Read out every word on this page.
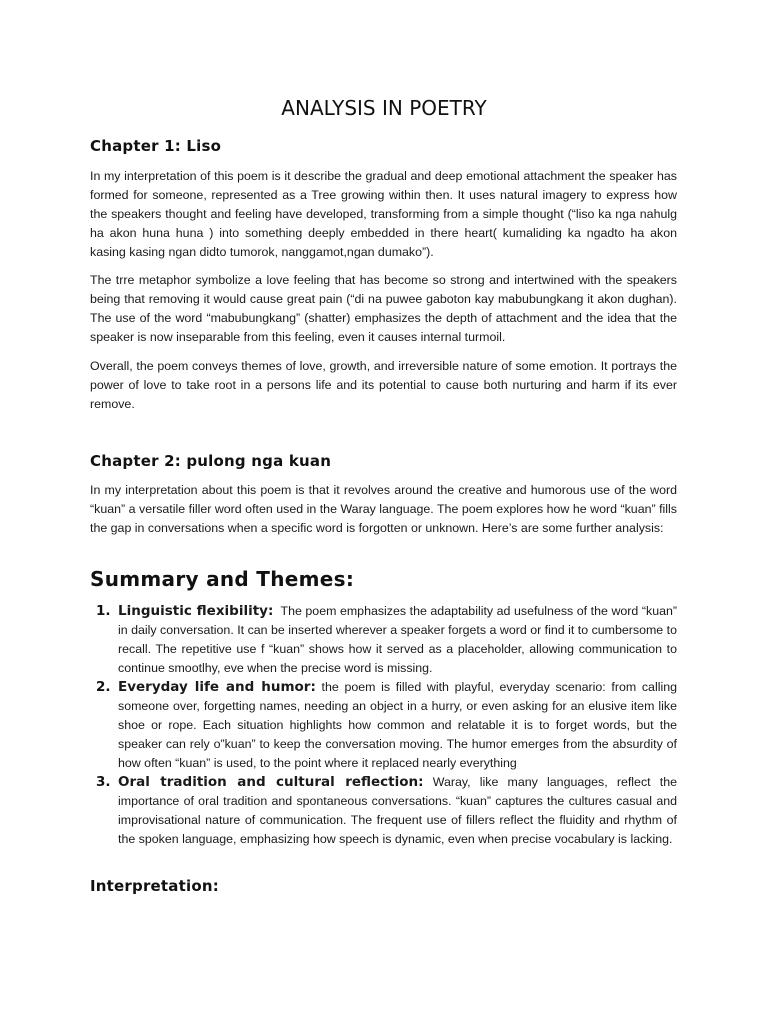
ANALYSIS IN POETRY
Chapter 1: Liso

In my interpretation of this poem is it describe the gradual and deep emotional attachment the speaker has formed for someone, represented as a Tree growing within then. It uses natural imagery to express how the speakers thought and feeling have developed, transforming from a simple thought (“liso ka nga nahulg ha akon huna huna ) into something deeply embedded in there heart( kumaliding ka ngadto ha akon kasing kasing ngan didto tumorok, nanggamot,ngan dumako”).

The trre metaphor symbolize a love feeling that has become so strong and intertwined with the speakers being that removing it would cause great pain (“di na puwee gaboton kay mabubungkang it akon dughan). The use of the word “mabubungkang” (shatter) emphasizes the depth of attachment and the idea that the speaker is now inseparable from this feeling, even it causes internal turmoil.

Overall, the poem conveys themes of love, growth, and irreversible nature of some emotion. It portrays the power of love to take root in a persons life and its potential to cause both nurturing and harm if its ever remove.

Chapter 2: pulong nga kuan

In my interpretation about this poem is that it revolves around the creative and humorous use of the word “kuan” a versatile filler word often used in the Waray language. The poem explores how he word “kuan” fills the gap in conversations when a specific word is forgotten or unknown. Here’s are some further analysis:

Summary and Themes:
1. Linguistic flexibility: The poem emphasizes the adaptability ad usefulness of the word “kuan” in daily conversation. It can be inserted wherever a speaker forgets a word or find it to cumbersome to recall. The repetitive use f “kuan” shows how it served as a placeholder, allowing communication to continue smootlhy, eve when the precise word is missing.

2. Everyday life and humor: the poem is filled with playful, everyday scenario: from calling someone over, forgetting names, needing an object in a hurry, or even asking for an elusive item like shoe or rope. Each situation highlights how common and relatable it is to forget words, but the speaker can rely o”kuan” to keep the conversation moving. The humor emerges from the absurdity of how often “kuan” is used, to the point where it replaced nearly everything

3. Oral tradition and cultural reflection: Waray, like many languages, reflect the importance of oral tradition and spontaneous conversations. “kuan” captures the cultures casual and improvisational nature of communication. The frequent use of fillers reflect the fluidity and rhythm of the spoken language, emphasizing how speech is dynamic, even when precise vocabulary is lacking.

Interpretation:
